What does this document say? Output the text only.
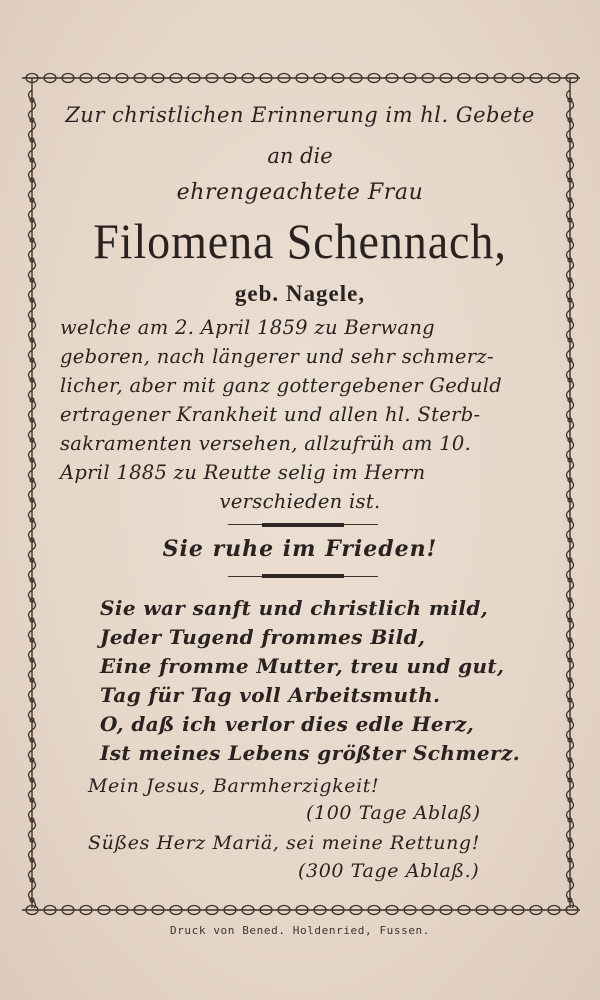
Zur christlichen Erinnerung im hl. Gebete
an die
ehrengeachtete Frau
Filomena Schennach,
geb. Nagele,
welche am 2. April 1859 zu Berwang
geboren, nach längerer und sehr schmerz-
licher, aber mit ganz gottergebener Geduld
ertragener Krankheit und allen hl. Sterb-
sakramenten versehen, allzufrüh am 10.
April 1885 zu Reutte selig im Herrn
verschieden ist.
Sie ruhe im Frieden!
Sie war sanft und christlich mild,
Jeder Tugend frommes Bild,
Eine fromme Mutter, treu und gut,
Tag für Tag voll Arbeitsmuth.
O, daß ich verlor dies edle Herz,
Ist meines Lebens größter Schmerz.
Mein Jesus, Barmherzigkeit!
(100 Tage Ablaß)
Süßes Herz Mariä, sei meine Rettung!
(300 Tage Ablaß.)
Druck von Bened. Holdenried, Fussen.
